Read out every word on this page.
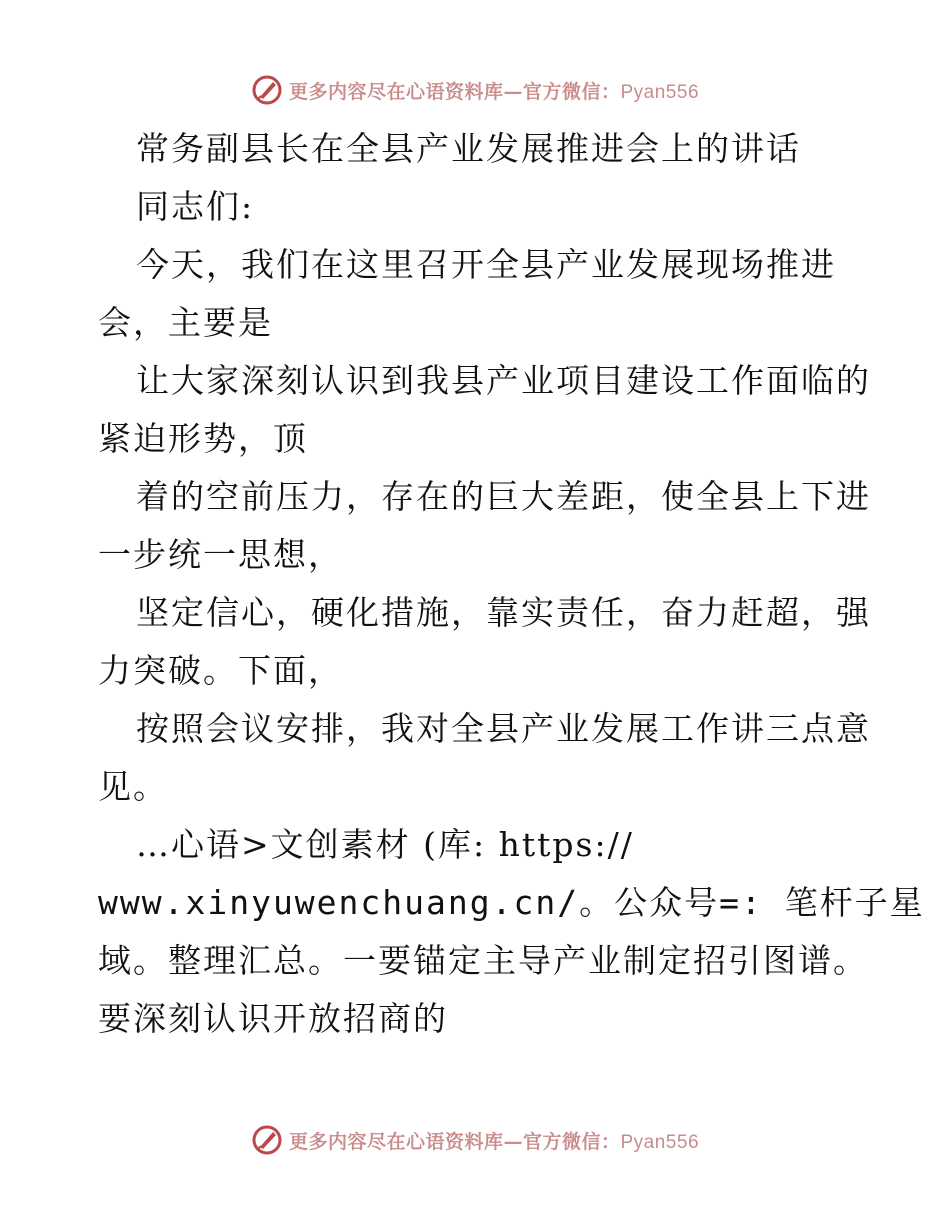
更多内容尽在心语资料库—官方微信：Pyan556
常务副县长在全县产业发展推进会上的讲话
同志们:
今天，我们在这里召开全县产业发展现场推进
会，主要是
让大家深刻认识到我县产业项目建设工作面临的
紧迫形势，顶
着的空前压力，存在的巨大差距，使全县上下进
一步统一思想，
坚定信心，硬化措施，靠实责任，奋力赶超，强
力突破。下面，
按照会议安排，我对全县产业发展工作讲三点意
见。
…心语>文创素材 (库: https://
www.xinyuwenchuang.cn/。公众号=: 笔杆子星
域。整理汇总。一要锚定主导产业制定招引图谱。
要深刻认识开放招商的
更多内容尽在心语资料库—官方微信：Pyan556
